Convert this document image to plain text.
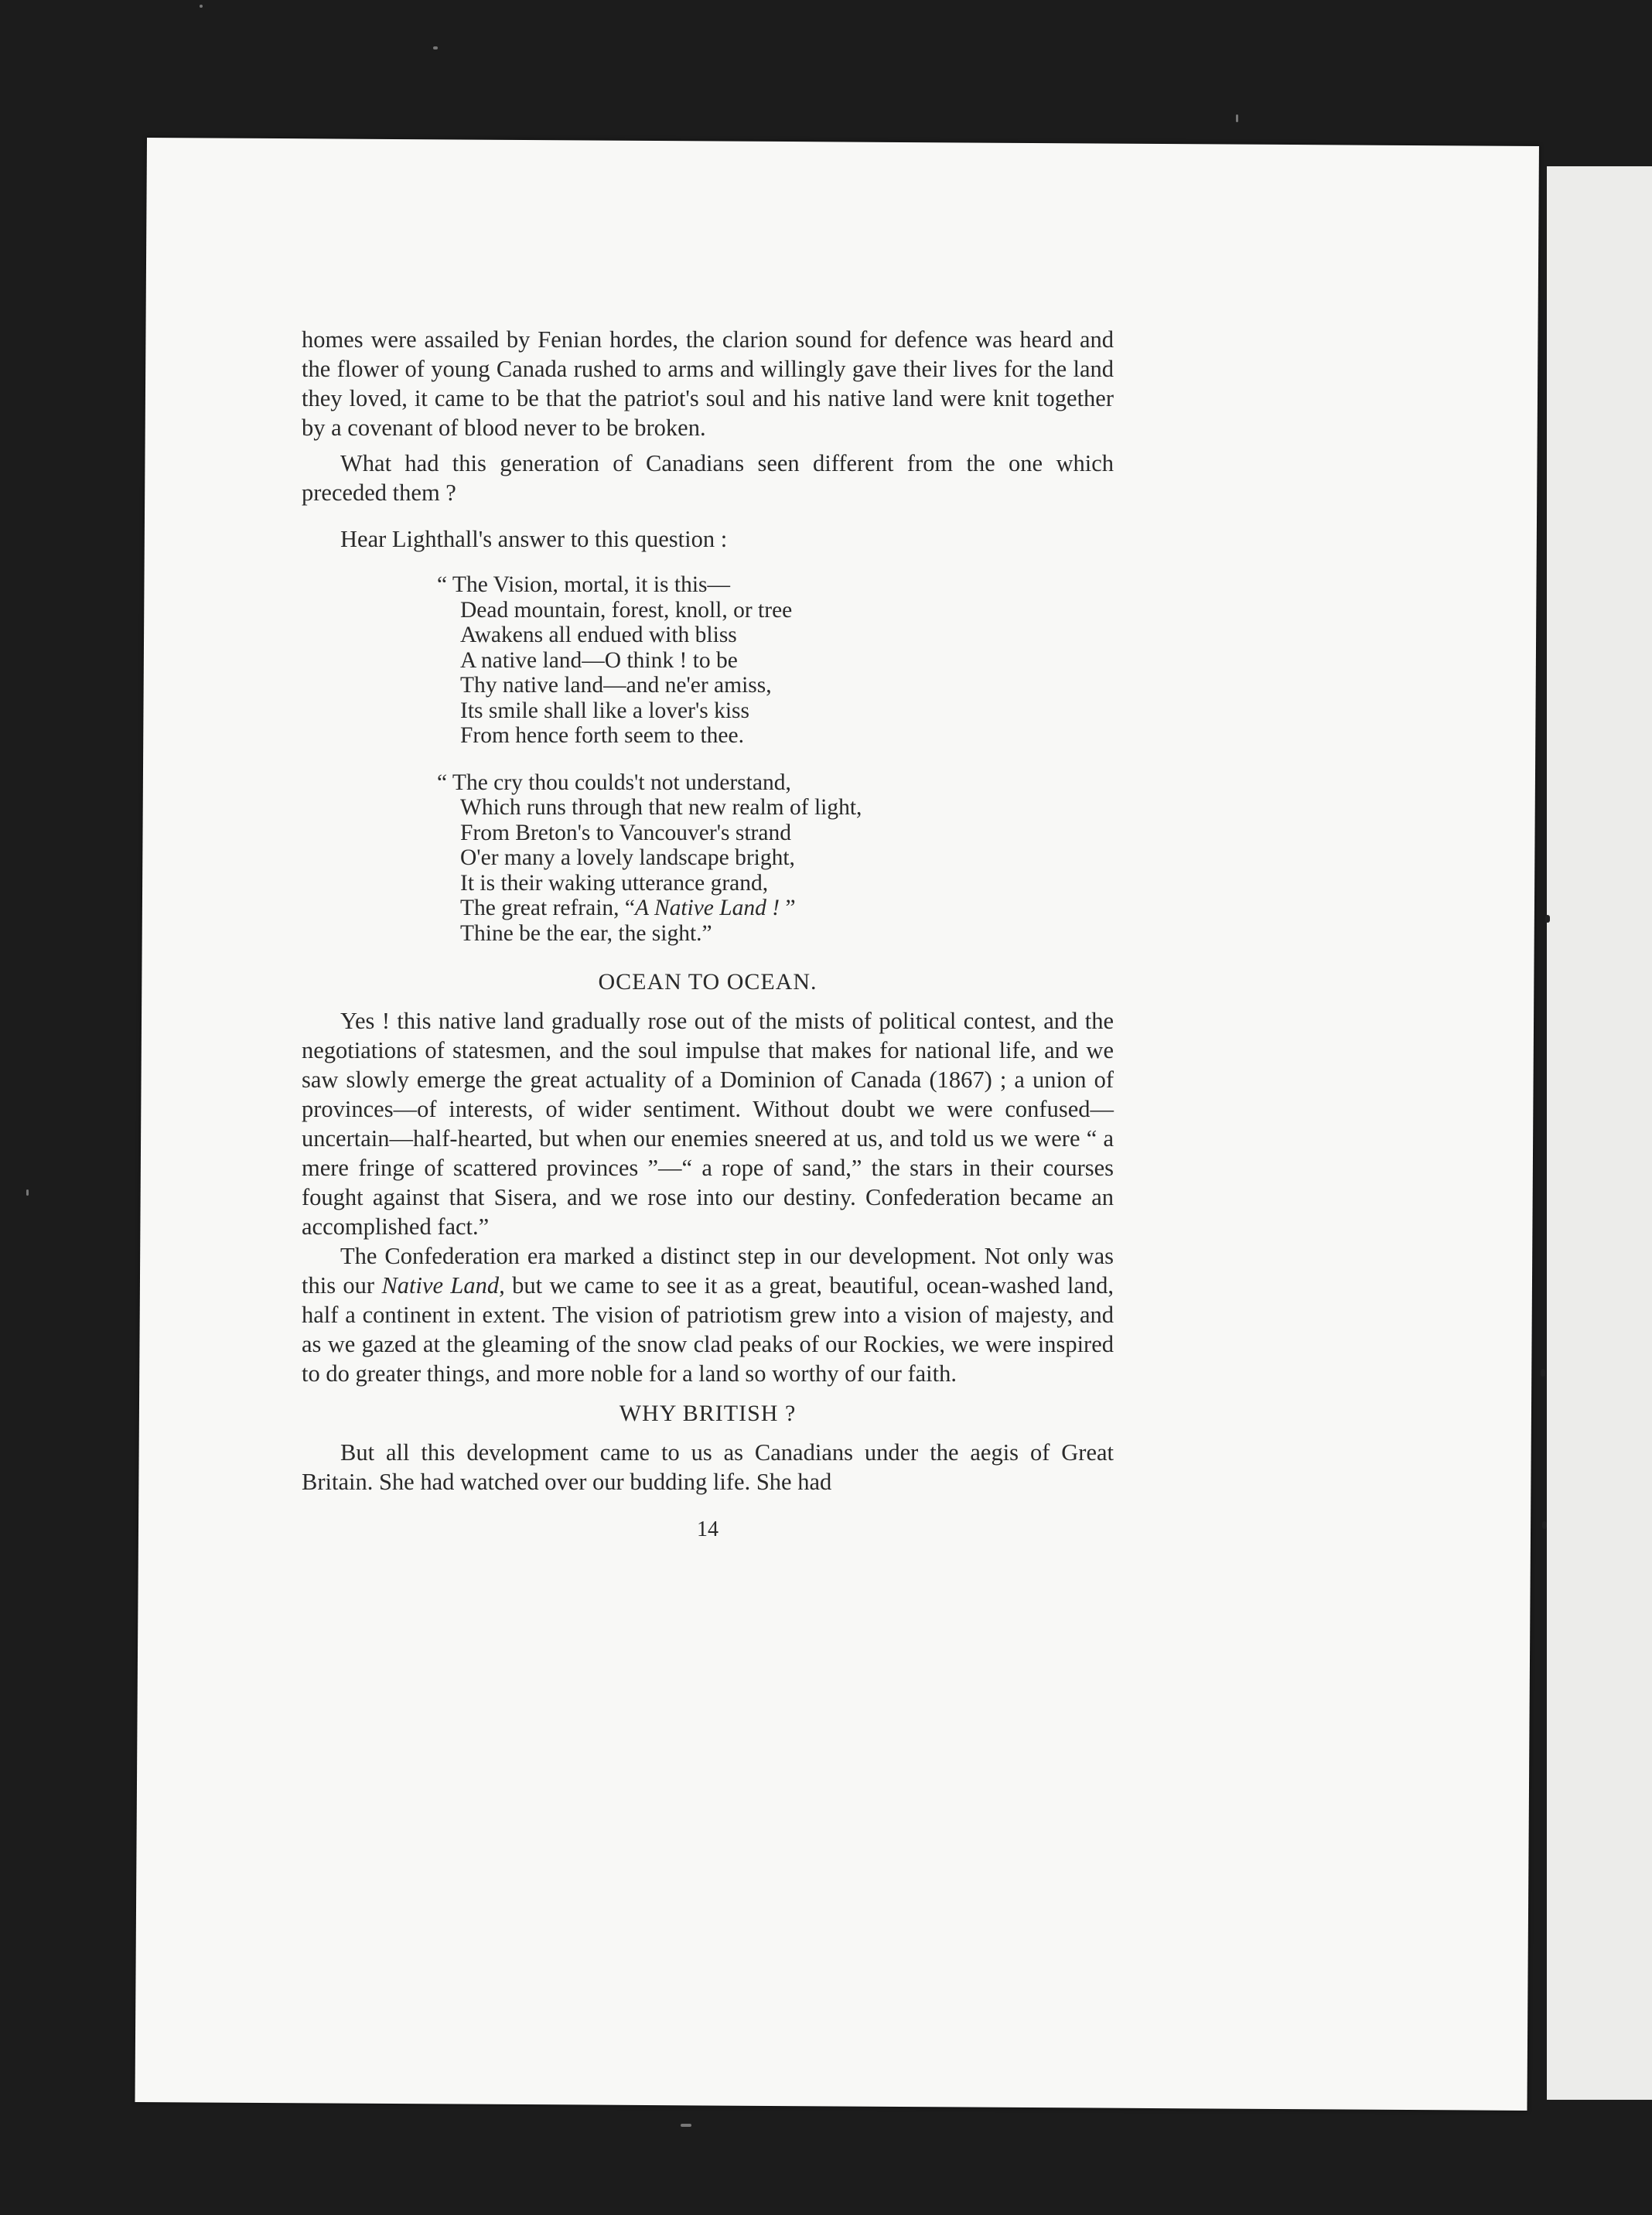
homes were assailed by Fenian hordes, the clarion sound for defence was heard and the flower of young Canada rushed to arms and willingly gave their lives for the land they loved, it came to be that the patriot's soul and his native land were knit together by a covenant of blood never to be broken.

What had this generation of Canadians seen different from the one which preceded them ?

Hear Lighthall's answer to this question :

“ The Vision, mortal, it is this—
Dead mountain, forest, knoll, or tree
Awakens all endued with bliss
A native land—O think ! to be
Thy native land—and ne'er amiss,
Its smile shall like a lover's kiss
From hence forth seem to thee.
“ The cry thou coulds't not understand,
Which runs through that new realm of light,
From Breton's to Vancouver's strand
O'er many a lovely landscape bright,
It is their waking utterance grand,
The great refrain, “A Native Land ! ”
Thine be the ear, the sight.”

OCEAN TO OCEAN.

Yes ! this native land gradually rose out of the mists of political contest, and the negotiations of statesmen, and the soul impulse that makes for national life, and we saw slowly emerge the great actuality of a Dominion of Canada (1867) ; a union of provinces—of interests, of wider sentiment. Without doubt we were confused—uncertain—half-hearted, but when our enemies sneered at us, and told us we were “ a mere fringe of scattered provinces ”—“ a rope of sand,” the stars in their courses fought against that Sisera, and we rose into our destiny. Confederation became an accomplished fact.”

The Confederation era marked a distinct step in our development. Not only was this our Native Land, but we came to see it as a great, beautiful, ocean-washed land, half a continent in extent. The vision of patriotism grew into a vision of majesty, and as we gazed at the gleaming of the snow clad peaks of our Rockies, we were inspired to do greater things, and more noble for a land so worthy of our faith.

WHY BRITISH ?

But all this development came to us as Canadians under the aegis of Great Britain. She had watched over our budding life. She had

14
